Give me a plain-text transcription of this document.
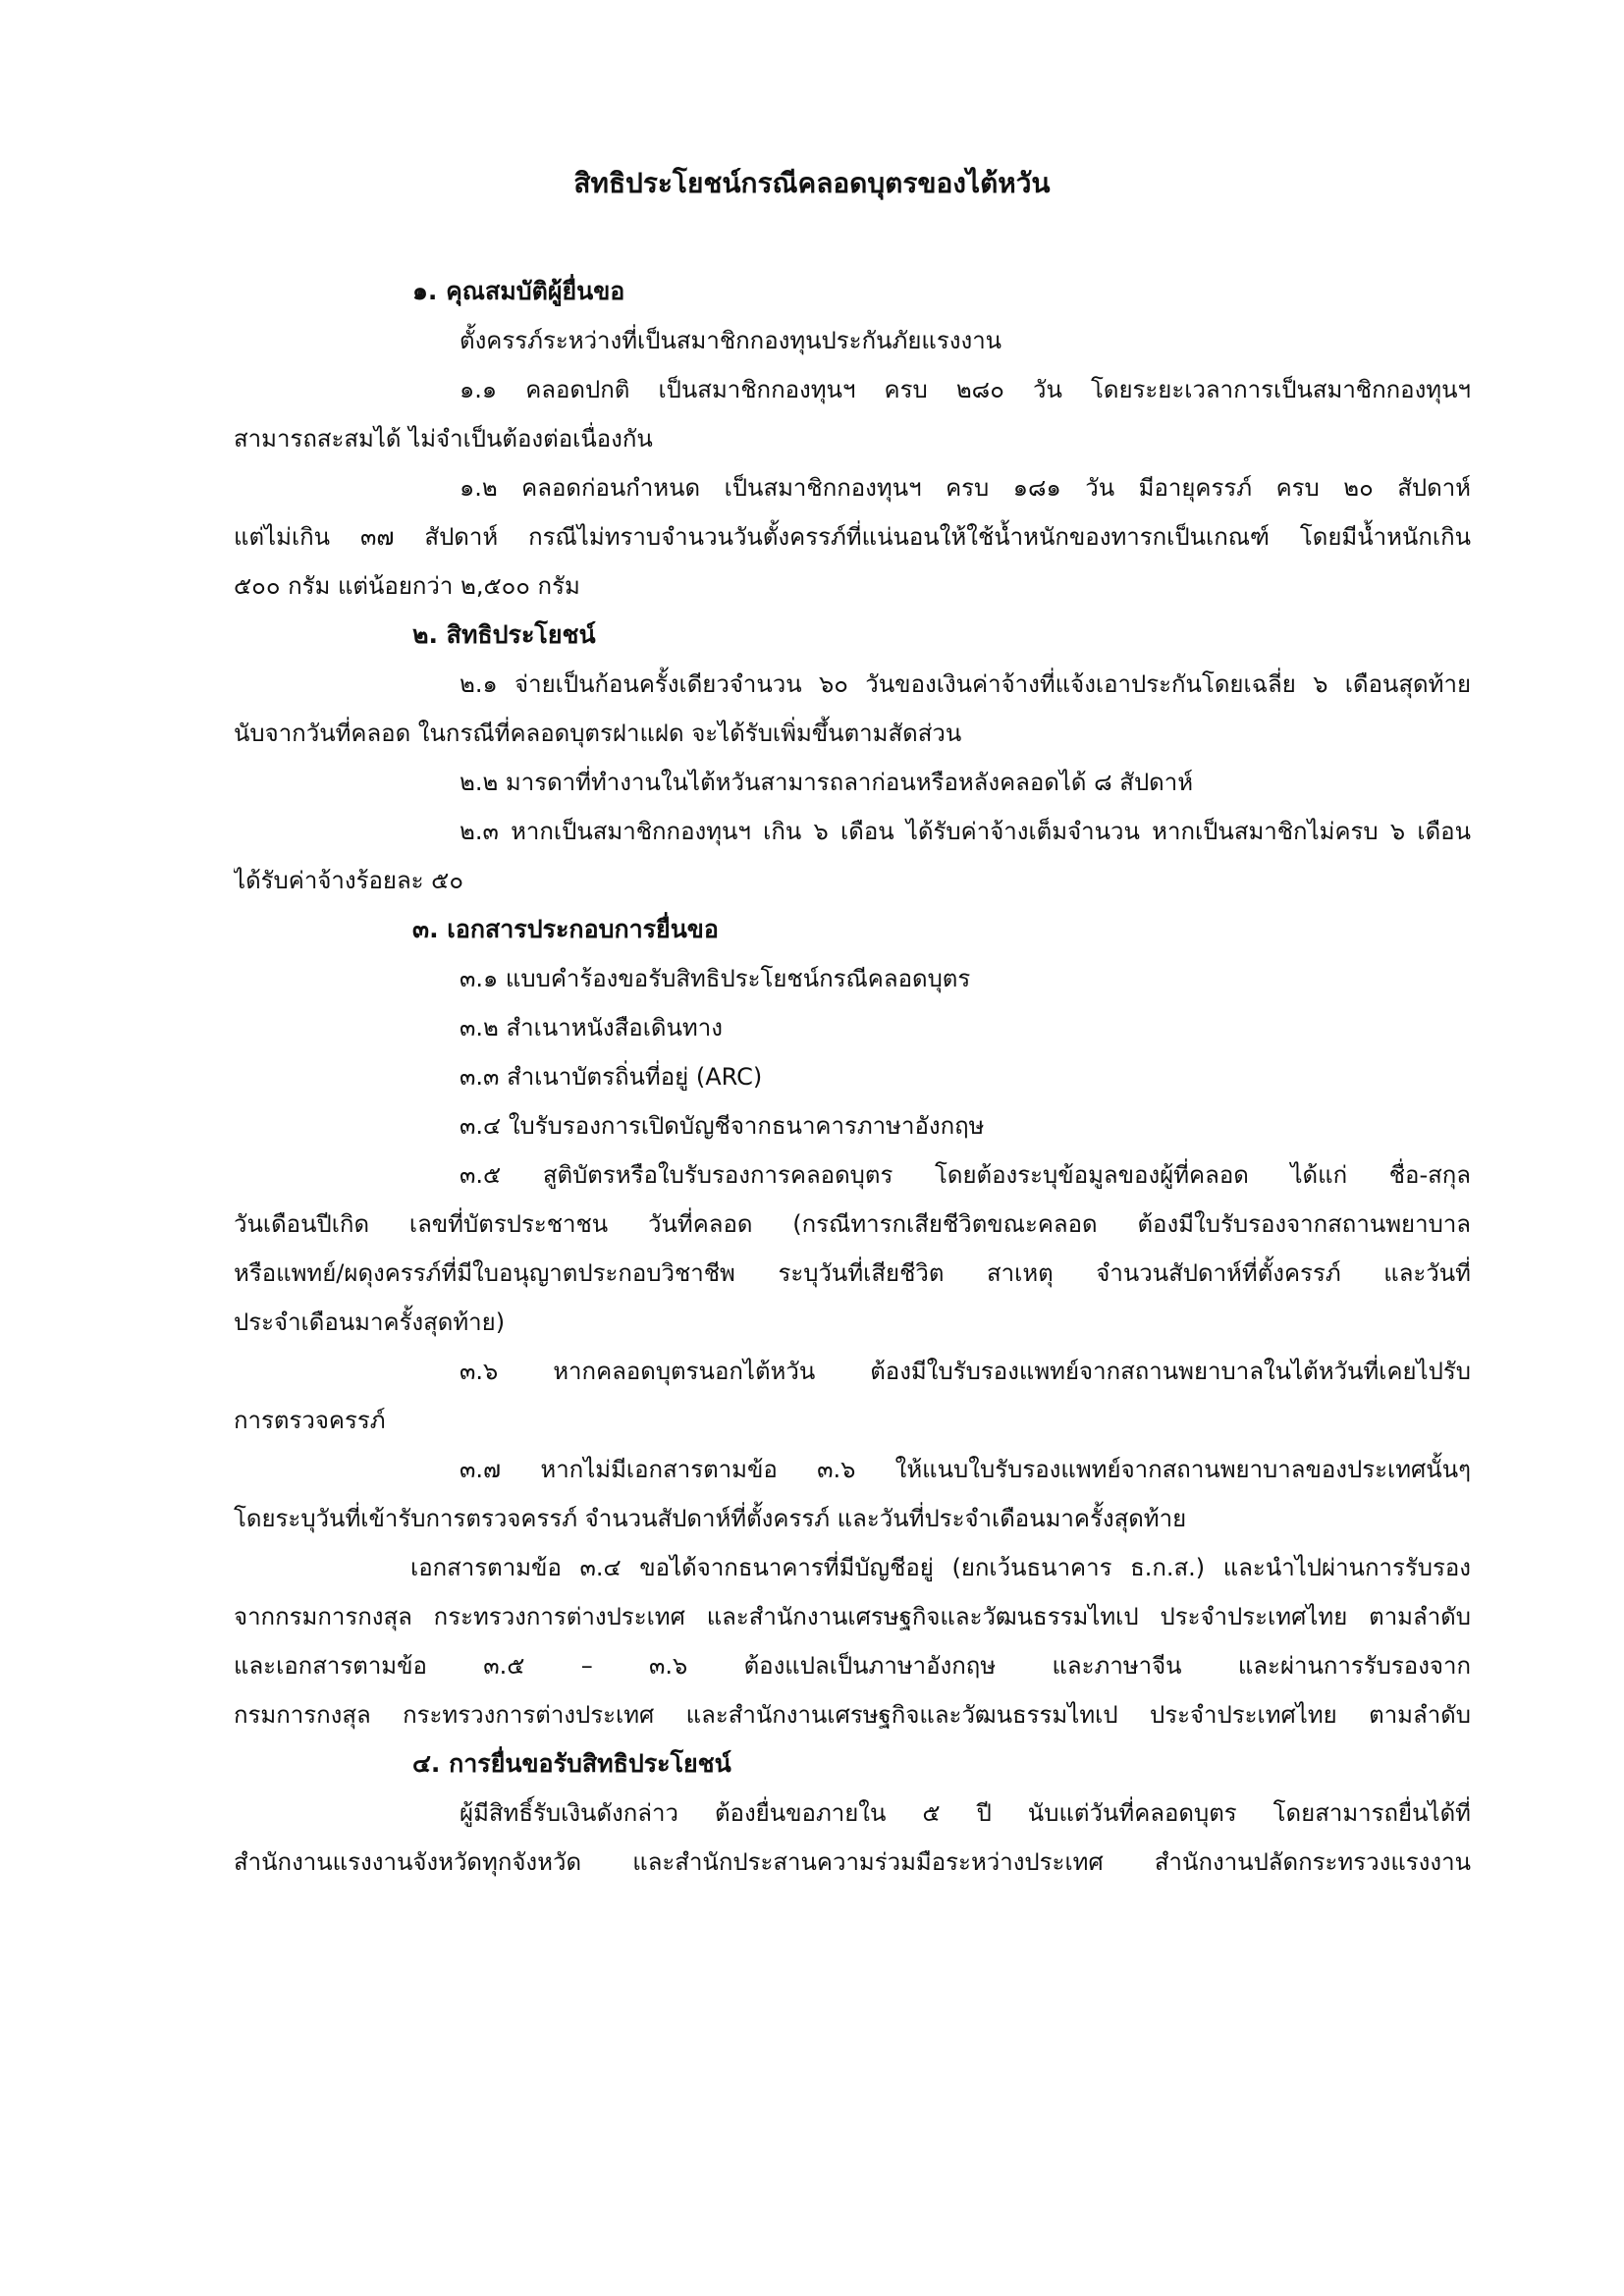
สิทธิประโยชน์กรณีคลอดบุตรของไต้หวัน
๑. คุณสมบัติผู้ยื่นขอ
ตั้งครรภ์ระหว่างที่เป็นสมาชิกกองทุนประกันภัยแรงงาน
๑.๑ คลอดปกติ เป็นสมาชิกกองทุนฯ ครบ ๒๘๐ วัน โดยระยะเวลาการเป็นสมาชิกกองทุนฯ
สามารถสะสมได้ ไม่จำเป็นต้องต่อเนื่องกัน
๑.๒ คลอดก่อนกำหนด เป็นสมาชิกกองทุนฯ ครบ ๑๘๑ วัน มีอายุครรภ์ ครบ ๒๐ สัปดาห์
แต่ไม่เกิน ๓๗ สัปดาห์ กรณีไม่ทราบจำนวนวันตั้งครรภ์ที่แน่นอนให้ใช้น้ำหนักของทารกเป็นเกณฑ์ โดยมีน้ำหนักเกิน
๕๐๐ กรัม แต่น้อยกว่า ๒,๕๐๐ กรัม
๒. สิทธิประโยชน์
๒.๑ จ่ายเป็นก้อนครั้งเดียวจำนวน ๖๐ วันของเงินค่าจ้างที่แจ้งเอาประกันโดยเฉลี่ย ๖ เดือนสุดท้าย
นับจากวันที่คลอด ในกรณีที่คลอดบุตรฝาแฝด จะได้รับเพิ่มขึ้นตามสัดส่วน
๒.๒ มารดาที่ทำงานในไต้หวันสามารถลาก่อนหรือหลังคลอดได้ ๘ สัปดาห์
๒.๓ หากเป็นสมาชิกกองทุนฯ เกิน ๖ เดือน ได้รับค่าจ้างเต็มจำนวน หากเป็นสมาชิกไม่ครบ ๖ เดือน
ได้รับค่าจ้างร้อยละ ๕๐
๓. เอกสารประกอบการยื่นขอ
๓.๑ แบบคำร้องขอรับสิทธิประโยชน์กรณีคลอดบุตร
๓.๒ สำเนาหนังสือเดินทาง
๓.๓ สำเนาบัตรถิ่นที่อยู่ (ARC)
๓.๔ ใบรับรองการเปิดบัญชีจากธนาคารภาษาอังกฤษ
๓.๕ สูติบัตรหรือใบรับรองการคลอดบุตร โดยต้องระบุข้อมูลของผู้ที่คลอด ได้แก่ ชื่อ-สกุล
วันเดือนปีเกิด เลขที่บัตรประชาชน วันที่คลอด (กรณีทารกเสียชีวิตขณะคลอด ต้องมีใบรับรองจากสถานพยาบาล
หรือแพทย์/ผดุงครรภ์ที่มีใบอนุญาตประกอบวิชาชีพ ระบุวันที่เสียชีวิต สาเหตุ จำนวนสัปดาห์ที่ตั้งครรภ์ และวันที่
ประจำเดือนมาครั้งสุดท้าย)
๓.๖ หากคลอดบุตรนอกไต้หวัน ต้องมีใบรับรองแพทย์จากสถานพยาบาลในไต้หวันที่เคยไปรับ
การตรวจครรภ์
๓.๗ หากไม่มีเอกสารตามข้อ ๓.๖ ให้แนบใบรับรองแพทย์จากสถานพยาบาลของประเทศนั้นๆ
โดยระบุวันที่เข้ารับการตรวจครรภ์ จำนวนสัปดาห์ที่ตั้งครรภ์ และวันที่ประจำเดือนมาครั้งสุดท้าย
เอกสารตามข้อ ๓.๔ ขอได้จากธนาคารที่มีบัญชีอยู่ (ยกเว้นธนาคาร ธ.ก.ส.) และนำไปผ่านการรับรอง
จากกรมการกงสุล กระทรวงการต่างประเทศ และสำนักงานเศรษฐกิจและวัฒนธรรมไทเป ประจำประเทศไทย ตามลำดับ
และเอกสารตามข้อ ๓.๕ – ๓.๖ ต้องแปลเป็นภาษาอังกฤษ และภาษาจีน และผ่านการรับรองจาก
กรมการกงสุล กระทรวงการต่างประเทศ และสำนักงานเศรษฐกิจและวัฒนธรรมไทเป ประจำประเทศไทย ตามลำดับ
๔. การยื่นขอรับสิทธิประโยชน์
ผู้มีสิทธิ์รับเงินดังกล่าว ต้องยื่นขอภายใน ๕ ปี นับแต่วันที่คลอดบุตร โดยสามารถยื่นได้ที่
สำนักงานแรงงานจังหวัดทุกจังหวัด และสำนักประสานความร่วมมือระหว่างประเทศ สำนักงานปลัดกระทรวงแรงงาน
